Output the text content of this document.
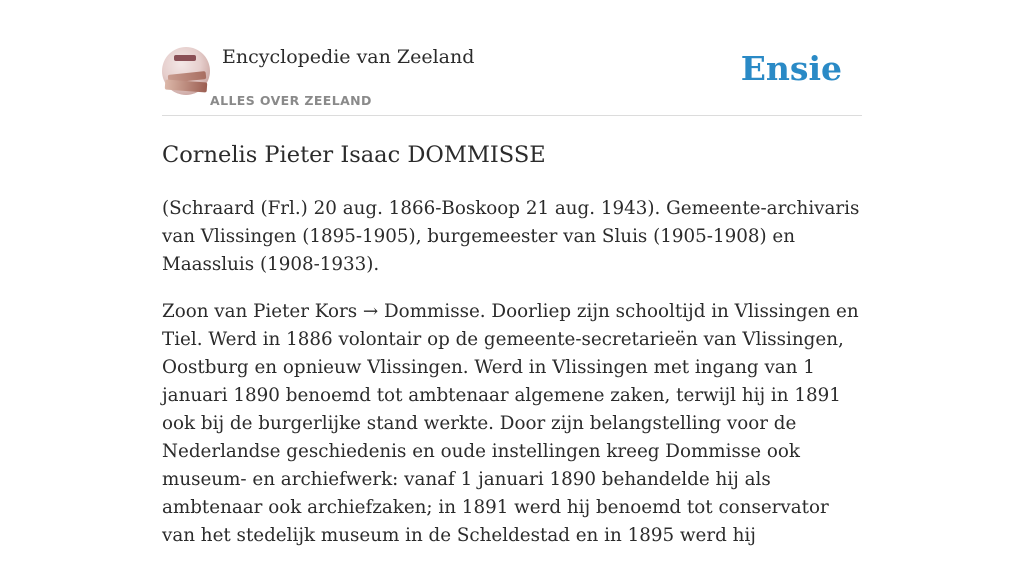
Encyclopedie van Zeeland
ALLES OVER ZEELAND
Ensie
Cornelis Pieter Isaac DOMMISSE

(Schraard (Frl.) 20 aug. 1866-Boskoop 21 aug. 1943). Gemeente-archivaris van Vlissingen (1895-1905), burgemeester van Sluis (1905-1908) en Maassluis (1908-1933).

Zoon van Pieter Kors → Dommisse. Doorliep zijn schooltijd in Vlissingen en Tiel. Werd in 1886 volontair op de gemeente-secretarieën van Vlissingen, Oostburg en opnieuw Vlissingen. Werd in Vlissingen met ingang van 1 januari 1890 benoemd tot ambtenaar algemene zaken, terwijl hij in 1891 ook bij de burgerlijke stand werkte. Door zijn belangstelling voor de Nederlandse geschiedenis en oude instellingen kreeg Dommisse ook museum- en archiefwerk: vanaf 1 januari 1890 behandelde hij als ambtenaar ook archiefzaken; in 1891 werd hij benoemd tot conservator van het stedelijk museum in de Scheldestad en in 1895 werd hij
